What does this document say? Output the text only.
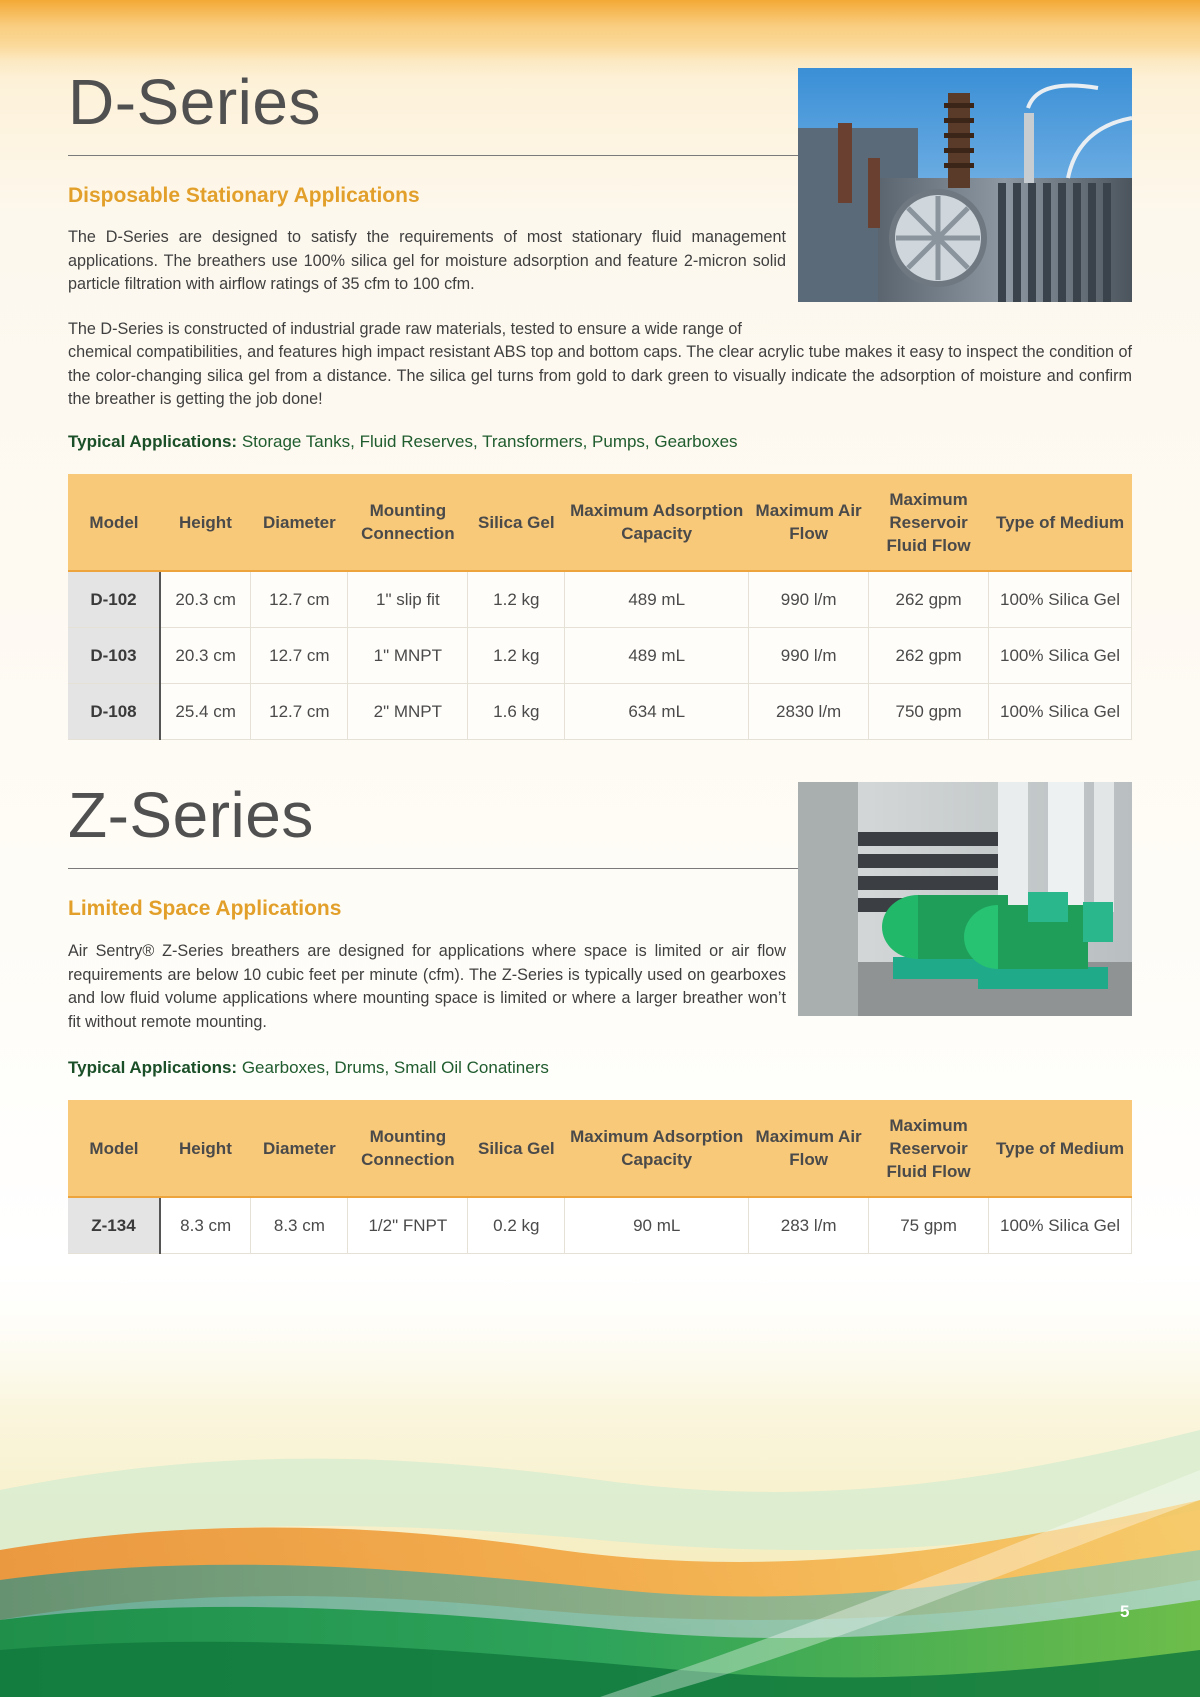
D-Series
Disposable Stationary Applications

The D-Series are designed to satisfy the requirements of most stationary fluid management applications. The breathers use 100% silica gel for moisture adsorption and feature 2-micron solid particle filtration with airflow ratings of 35 cfm to 100 cfm.

The D-Series is constructed of industrial grade raw materials, tested to ensure a wide range of

chemical compatibilities, and features high impact resistant ABS top and bottom caps. The clear acrylic tube makes it easy to inspect the condition of the color-changing silica gel from a distance. The silica gel turns from gold to dark green to visually indicate the adsorption of moisture and confirm the breather is getting the job done!

Typical Applications: Storage Tanks, Fluid Reserves, Transformers, Pumps, Gearboxes

Model	Height	Diameter	Mounting Connection	Silica Gel	Maximum Adsorption Capacity	Maximum Air Flow	Maximum Reservoir Fluid Flow	Type of Medium
D-102	20.3 cm	12.7 cm	1" slip fit	1.2 kg	489 mL	990 l/m	262 gpm	100% Silica Gel
D-103	20.3 cm	12.7 cm	1" MNPT	1.2 kg	489 mL	990 l/m	262 gpm	100% Silica Gel
D-108	25.4 cm	12.7 cm	2" MNPT	1.6 kg	634 mL	2830 l/m	750 gpm	100% Silica Gel
Z-Series
Limited Space Applications

Air Sentry® Z-Series breathers are designed for applications where space is limited or air flow requirements are below 10 cubic feet per minute (cfm). The Z-Series is typically used on gearboxes and low fluid volume applications where mounting space is limited or where a larger breather won’t fit without remote mounting.

Typical Applications: Gearboxes, Drums, Small Oil Conatiners

Model	Height	Diameter	Mounting Connection	Silica Gel	Maximum Adsorption Capacity	Maximum Air Flow	Maximum Reservoir Fluid Flow	Type of Medium
Z-134	8.3 cm	8.3 cm	1/2" FNPT	0.2 kg	90 mL	283 l/m	75 gpm	100% Silica Gel
5
